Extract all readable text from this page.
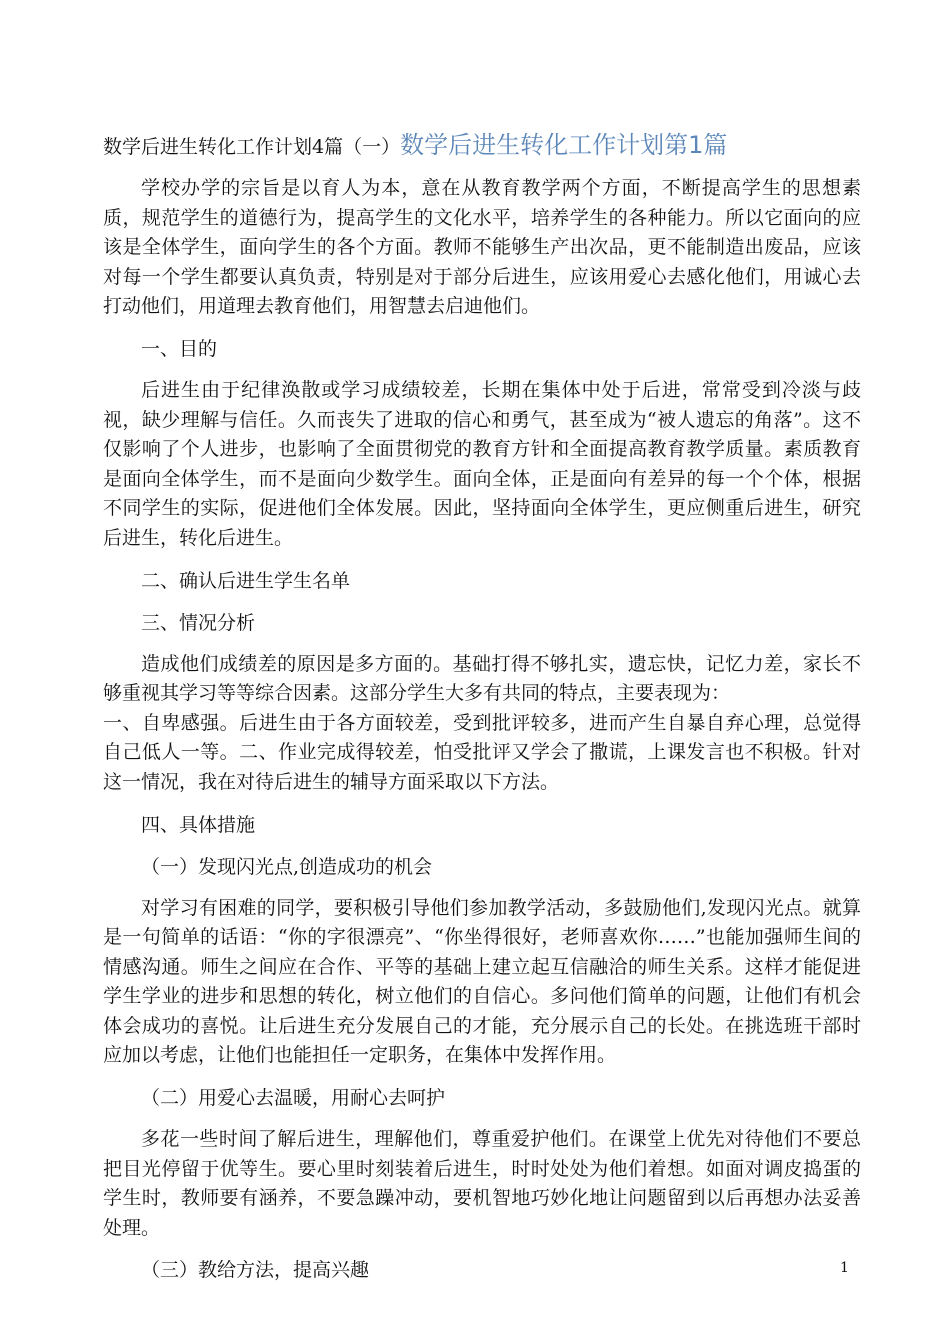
数学后进生转化工作计划4篇（一）数学后进生转化工作计划第1篇

学校办学的宗旨是以育人为本，意在从教育教学两个方面，不断提高学生的思想素质，规范学生的道德行为，提高学生的文化水平，培养学生的各种能力。所以它面向的应该是全体学生，面向学生的各个方面。教师不能够生产出次品，更不能制造出废品，应该对每一个学生都要认真负责，特别是对于部分后进生，应该用爱心去感化他们，用诚心去打动他们，用道理去教育他们，用智慧去启迪他们。

一、目的

后进生由于纪律涣散或学习成绩较差，长期在集体中处于后进，常常受到冷淡与歧视，缺少理解与信任。久而丧失了进取的信心和勇气，甚至成为“被人遗忘的角落”。这不仅影响了个人进步，也影响了全面贯彻党的教育方针和全面提高教育教学质量。素质教育是面向全体学生，而不是面向少数学生。面向全体，正是面向有差异的每一个个体，根据不同学生的实际，促进他们全体发展。因此，坚持面向全体学生，更应侧重后进生，研究后进生，转化后进生。

二、确认后进生学生名单

三、情况分析

造成他们成绩差的原因是多方面的。基础打得不够扎实，遗忘快，记忆力差，家长不够重视其学习等等综合因素。这部分学生大多有共同的特点，主要表现为：

一、自卑感强。后进生由于各方面较差，受到批评较多，进而产生自暴自弃心理，总觉得自己低人一等。二、作业完成得较差，怕受批评又学会了撒谎，上课发言也不积极。针对这一情况，我在对待后进生的辅导方面采取以下方法。

四、具体措施

（一）发现闪光点,创造成功的机会

对学习有困难的同学，要积极引导他们参加教学活动，多鼓励他们,发现闪光点。就算是一句简单的话语：“你的字很漂亮”、“你坐得很好，老师喜欢你……”也能加强师生间的情感沟通。师生之间应在合作、平等的基础上建立起互信融洽的师生关系。这样才能促进学生学业的进步和思想的转化，树立他们的自信心。多问他们简单的问题，让他们有机会体会成功的喜悦。让后进生充分发展自己的才能，充分展示自己的长处。在挑选班干部时应加以考虑，让他们也能担任一定职务，在集体中发挥作用。

（二）用爱心去温暖，用耐心去呵护

多花一些时间了解后进生，理解他们，尊重爱护他们。在课堂上优先对待他们不要总把目光停留于优等生。要心里时刻装着后进生，时时处处为他们着想。如面对调皮捣蛋的学生时，教师要有涵养，不要急躁冲动，要机智地巧妙化地让问题留到以后再想办法妥善处理。

（三）教给方法，提高兴趣	1
